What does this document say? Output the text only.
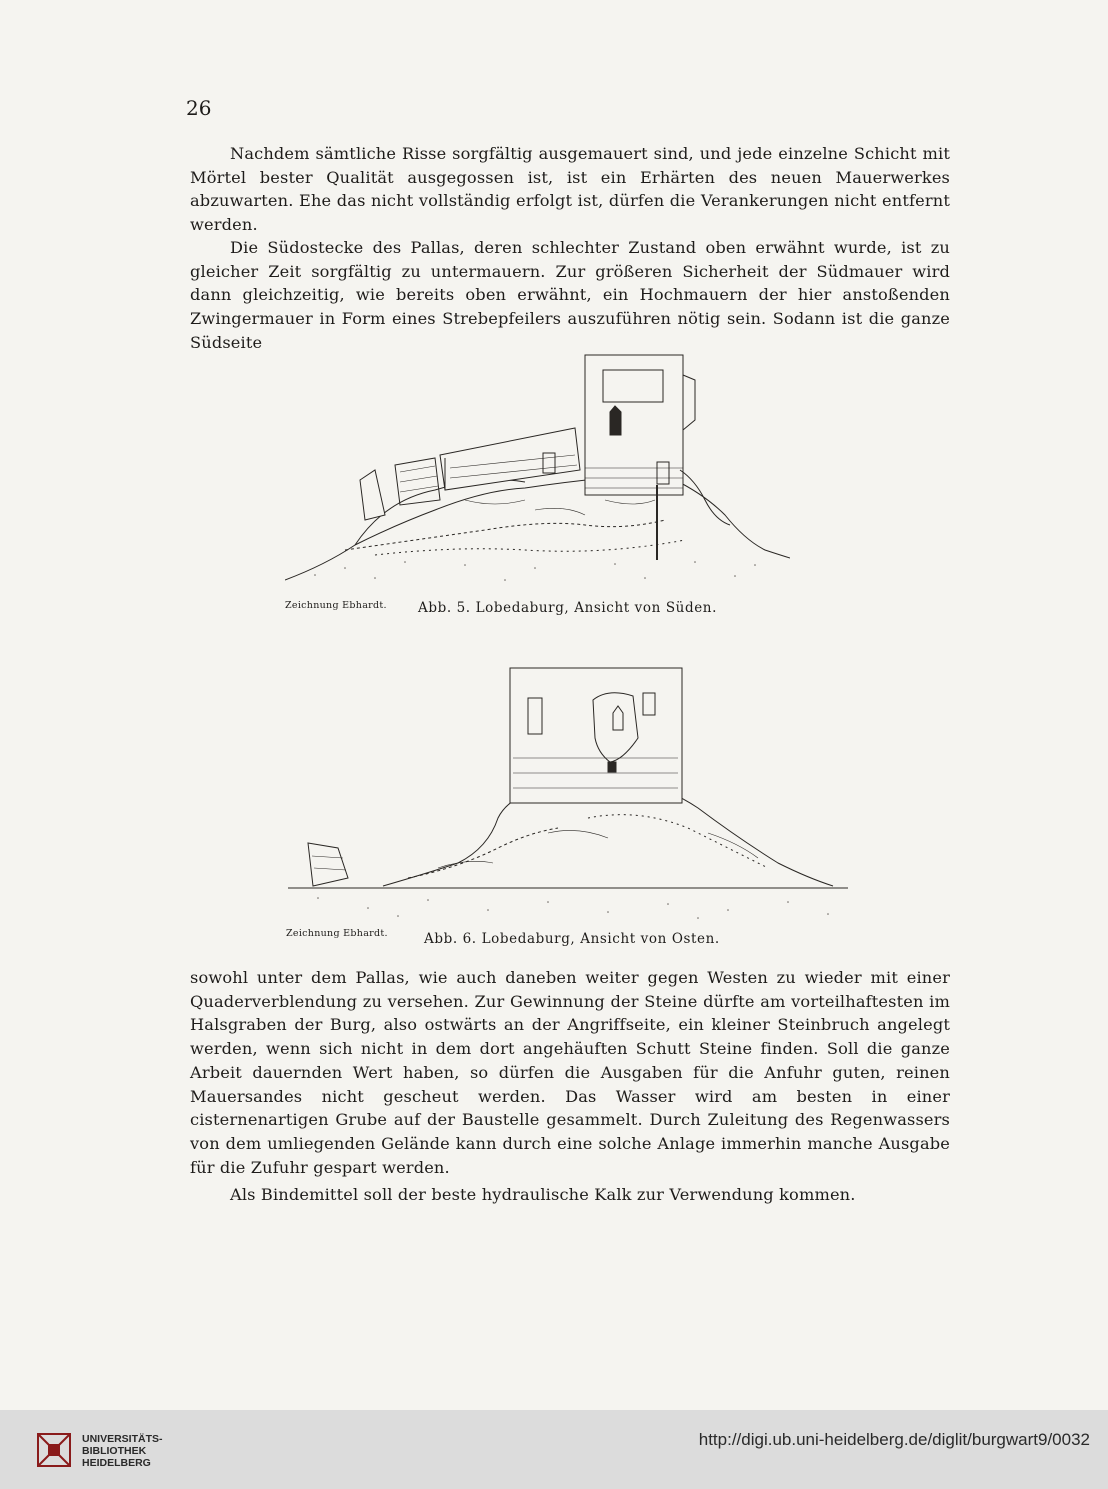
26

Nachdem sämtliche Risse sorgfältig ausgemauert sind, und jede einzelne Schicht mit Mörtel bester Qualität ausgegossen ist, ist ein Erhärten des neuen Mauerwerkes abzuwarten. Ehe das nicht vollständig erfolgt ist, dürfen die Verankerungen nicht entfernt werden.

Die Südostecke des Pallas, deren schlechter Zustand oben erwähnt wurde, ist zu gleicher Zeit sorgfältig zu untermauern. Zur größeren Sicherheit der Südmauer wird dann gleichzeitig, wie bereits oben erwähnt, ein Hochmauern der hier anstoßenden Zwingermauer in Form eines Strebepfeilers auszuführen nötig sein. Sodann ist die ganze Südseite

Zeichnung Ebhardt. Abb. 5. Lobedaburg, Ansicht von Süden.
Zeichnung Ebhardt.	Abb. 6. Lobedaburg, Ansicht von Osten.

sowohl unter dem Pallas, wie auch daneben weiter gegen Westen zu wieder mit einer Quaderverblendung zu versehen. Zur Gewinnung der Steine dürfte am vorteilhaftesten im Halsgraben der Burg, also ostwärts an der Angriffseite, ein kleiner Steinbruch angelegt werden, wenn sich nicht in dem dort angehäuften Schutt Steine finden. Soll die ganze Arbeit dauernden Wert haben, so dürfen die Ausgaben für die Anfuhr guten, reinen Mauersandes nicht gescheut werden. Das Wasser wird am besten in einer cisternenartigen Grube auf der Baustelle gesammelt. Durch Zuleitung des Regenwassers von dem umliegenden Gelände kann durch eine solche Anlage immerhin manche Ausgabe für die Zufuhr gespart werden.

Als Bindemittel soll der beste hydraulische Kalk zur Verwendung kommen.

UNIVERSITÄTS-
BIBLIOTHEK
HEIDELBERG
http://digi.ub.uni-heidelberg.de/diglit/burgwart9/0032
